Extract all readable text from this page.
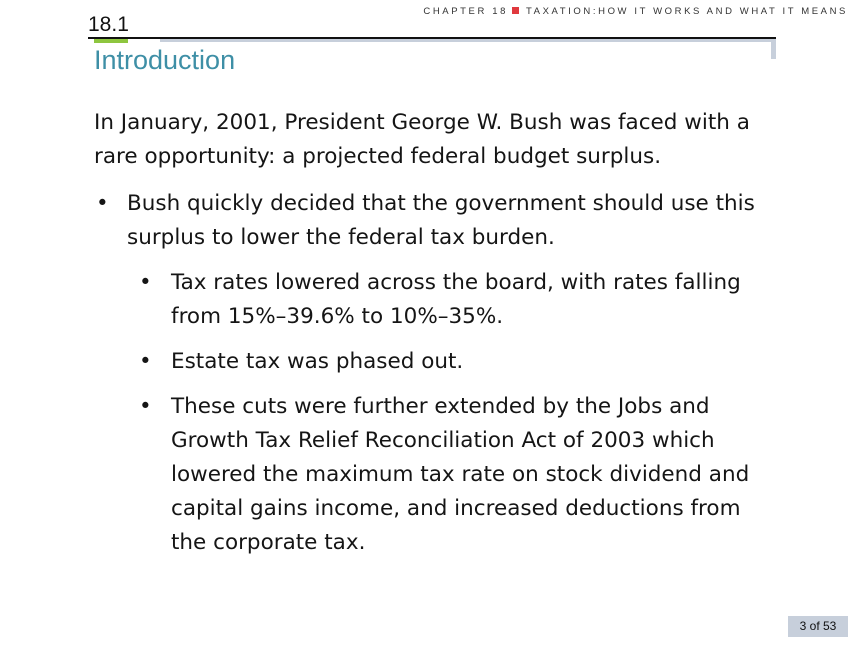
CHAPTER 18 TAXATION:HOW IT WORKS AND WHAT IT MEANS
18.1
Introduction

In January, 2001, President George W. Bush was faced with a rare opportunity: a projected federal budget surplus.

• Bush quickly decided that the government should use this surplus to lower the federal tax burden.
• Tax rates lowered across the board, with rates falling from 15%–39.6% to 10%–35%.
• Estate tax was phased out.
• These cuts were further extended by the Jobs and Growth Tax Relief Reconciliation Act of 2003 which lowered the maximum tax rate on stock dividend and capital gains income, and increased deductions from the corporate tax.
3 of 53
